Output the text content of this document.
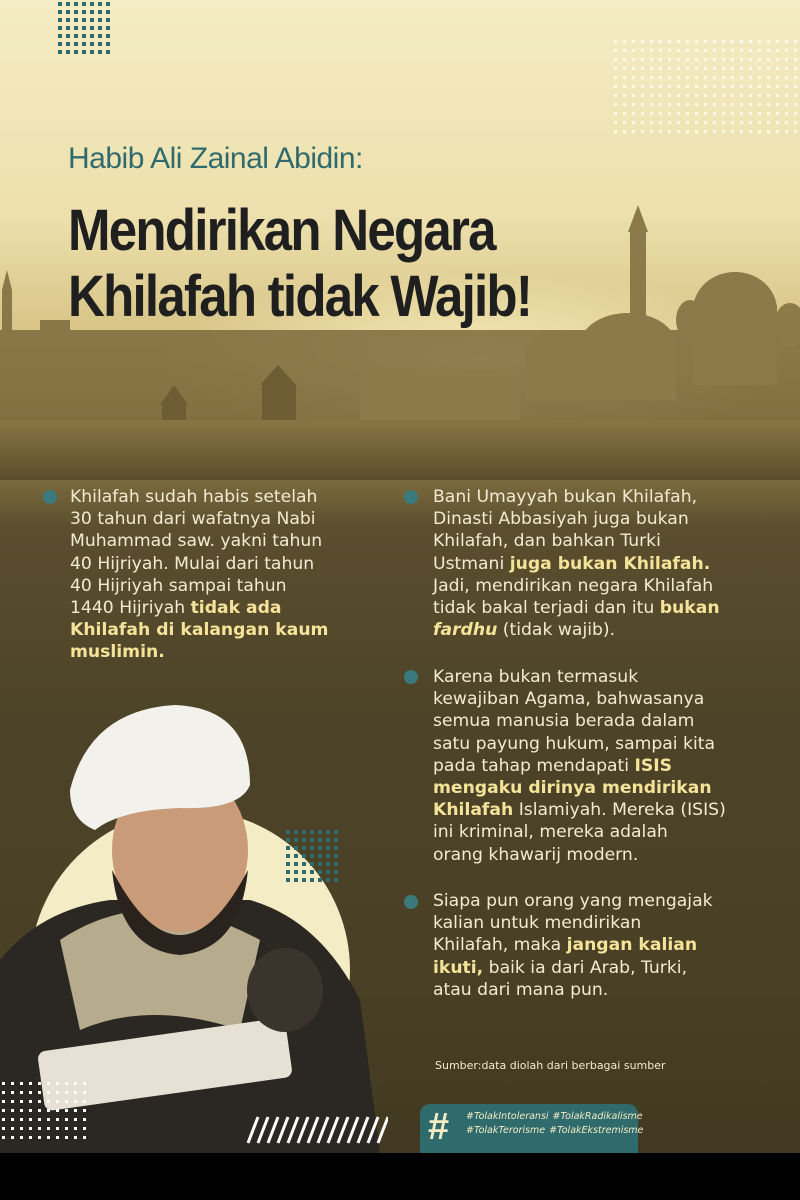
Habib Ali Zainal Abidin:
Mendirikan Negara
Khilafah tidak Wajib!
Khilafah sudah habis setelah
30 tahun dari wafatnya Nabi
Muhammad saw. yakni tahun
40 Hijriyah. Mulai dari tahun
40 Hijriyah sampai tahun
1440 Hijriyah tidak ada
Khilafah di kalangan kaum
muslimin.
Bani Umayyah bukan Khilafah,
Dinasti Abbasiyah juga bukan
Khilafah, dan bahkan Turki
Ustmani juga bukan Khilafah.
Jadi, mendirikan negara Khilafah
tidak bakal terjadi dan itu bukan
fardhu (tidak wajib).
Karena bukan termasuk
kewajiban Agama, bahwasanya
semua manusia berada dalam
satu payung hukum, sampai kita
pada tahap mendapati ISIS
mengaku dirinya mendirikan
Khilafah Islamiyah. Mereka (ISIS)
ini kriminal, mereka adalah
orang khawarij modern.
Siapa pun orang yang mengajak
kalian untuk mendirikan
Khilafah, maka jangan kalian
ikuti, baik ia dari Arab, Turki,
atau dari mana pun.
Sumber:data diolah dari berbagai sumber
# #TolakIntoleransi #TolakRadikalisme
#TolakTerorisme #TolakEkstremisme
